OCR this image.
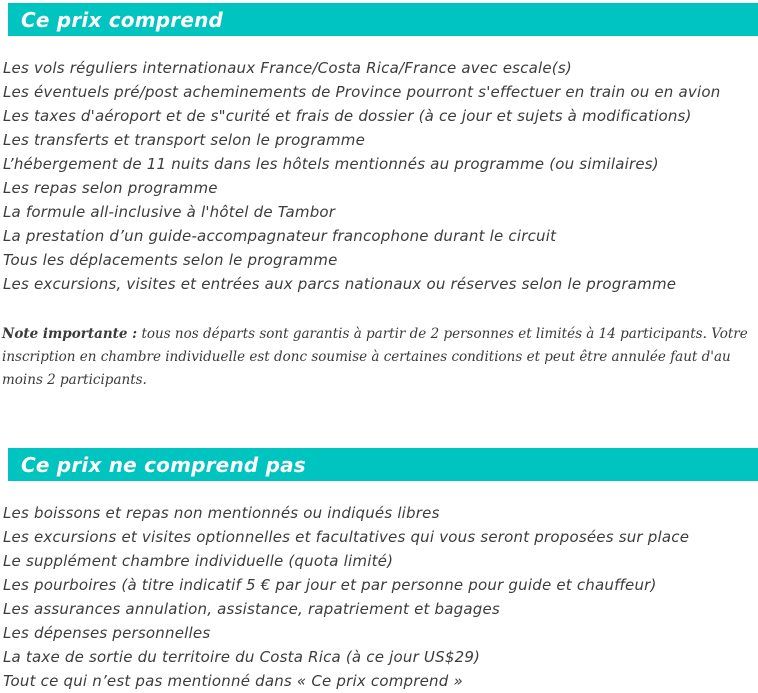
Ce prix comprend
Les vols réguliers internationaux France/Costa Rica/France avec escale(s)
Les éventuels pré/post acheminements de Province pourront s'effectuer en train ou en avion
Les taxes d'aéroport et de s"curité et frais de dossier (à ce jour et sujets à modifications)
Les transferts et transport selon le programme
L’hébergement de 11 nuits dans les hôtels mentionnés au programme (ou similaires)
Les repas selon programme
La formule all-inclusive à l'hôtel de Tambor
La prestation d’un guide-accompagnateur francophone durant le circuit
Tous les déplacements selon le programme
Les excursions, visites et entrées aux parcs nationaux ou réserves selon le programme

Note importante : tous nos départs sont garantis à partir de 2 personnes et limités à 14 participants. Votre inscription en chambre individuelle est donc soumise à certaines conditions et peut être annulée faut d'au moins 2 participants.

Ce prix ne comprend pas
Les boissons et repas non mentionnés ou indiqués libres
Les excursions et visites optionnelles et facultatives qui vous seront proposées sur place
Le supplément chambre individuelle (quota limité)
Les pourboires (à titre indicatif 5 € par jour et par personne pour guide et chauffeur)
Les assurances annulation, assistance, rapatriement et bagages
Les dépenses personnelles
La taxe de sortie du territoire du Costa Rica (à ce jour US$29)
Tout ce qui n’est pas mentionné dans « Ce prix comprend »
